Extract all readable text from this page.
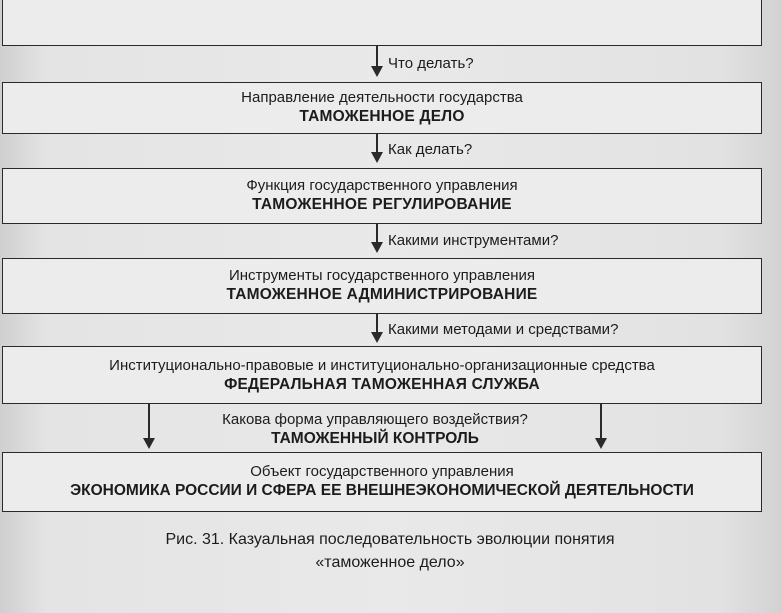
Что делать?
Направление деятельности государства
ТАМОЖЕННОЕ ДЕЛО
Как делать?
Функция государственного управления
ТАМОЖЕННОЕ РЕГУЛИРОВАНИЕ
Какими инструментами?
Инструменты государственного управления
ТАМОЖЕННОЕ АДМИНИСТРИРОВАНИЕ
Какими методами и средствами?
Институционально-правовые и институционально-организационные средства
ФЕДЕРАЛЬНАЯ ТАМОЖЕННАЯ СЛУЖБА
Какова форма управляющего воздействия?
ТАМОЖЕННЫЙ КОНТРОЛЬ
Объект государственного управления
ЭКОНОМИКА РОССИИ И СФЕРА ЕЕ ВНЕШНЕЭКОНОМИЧЕСКОЙ ДЕЯТЕЛЬНОСТИ
Рис. 31. Казуальная последовательность эволюции понятия
«таможенное дело»
